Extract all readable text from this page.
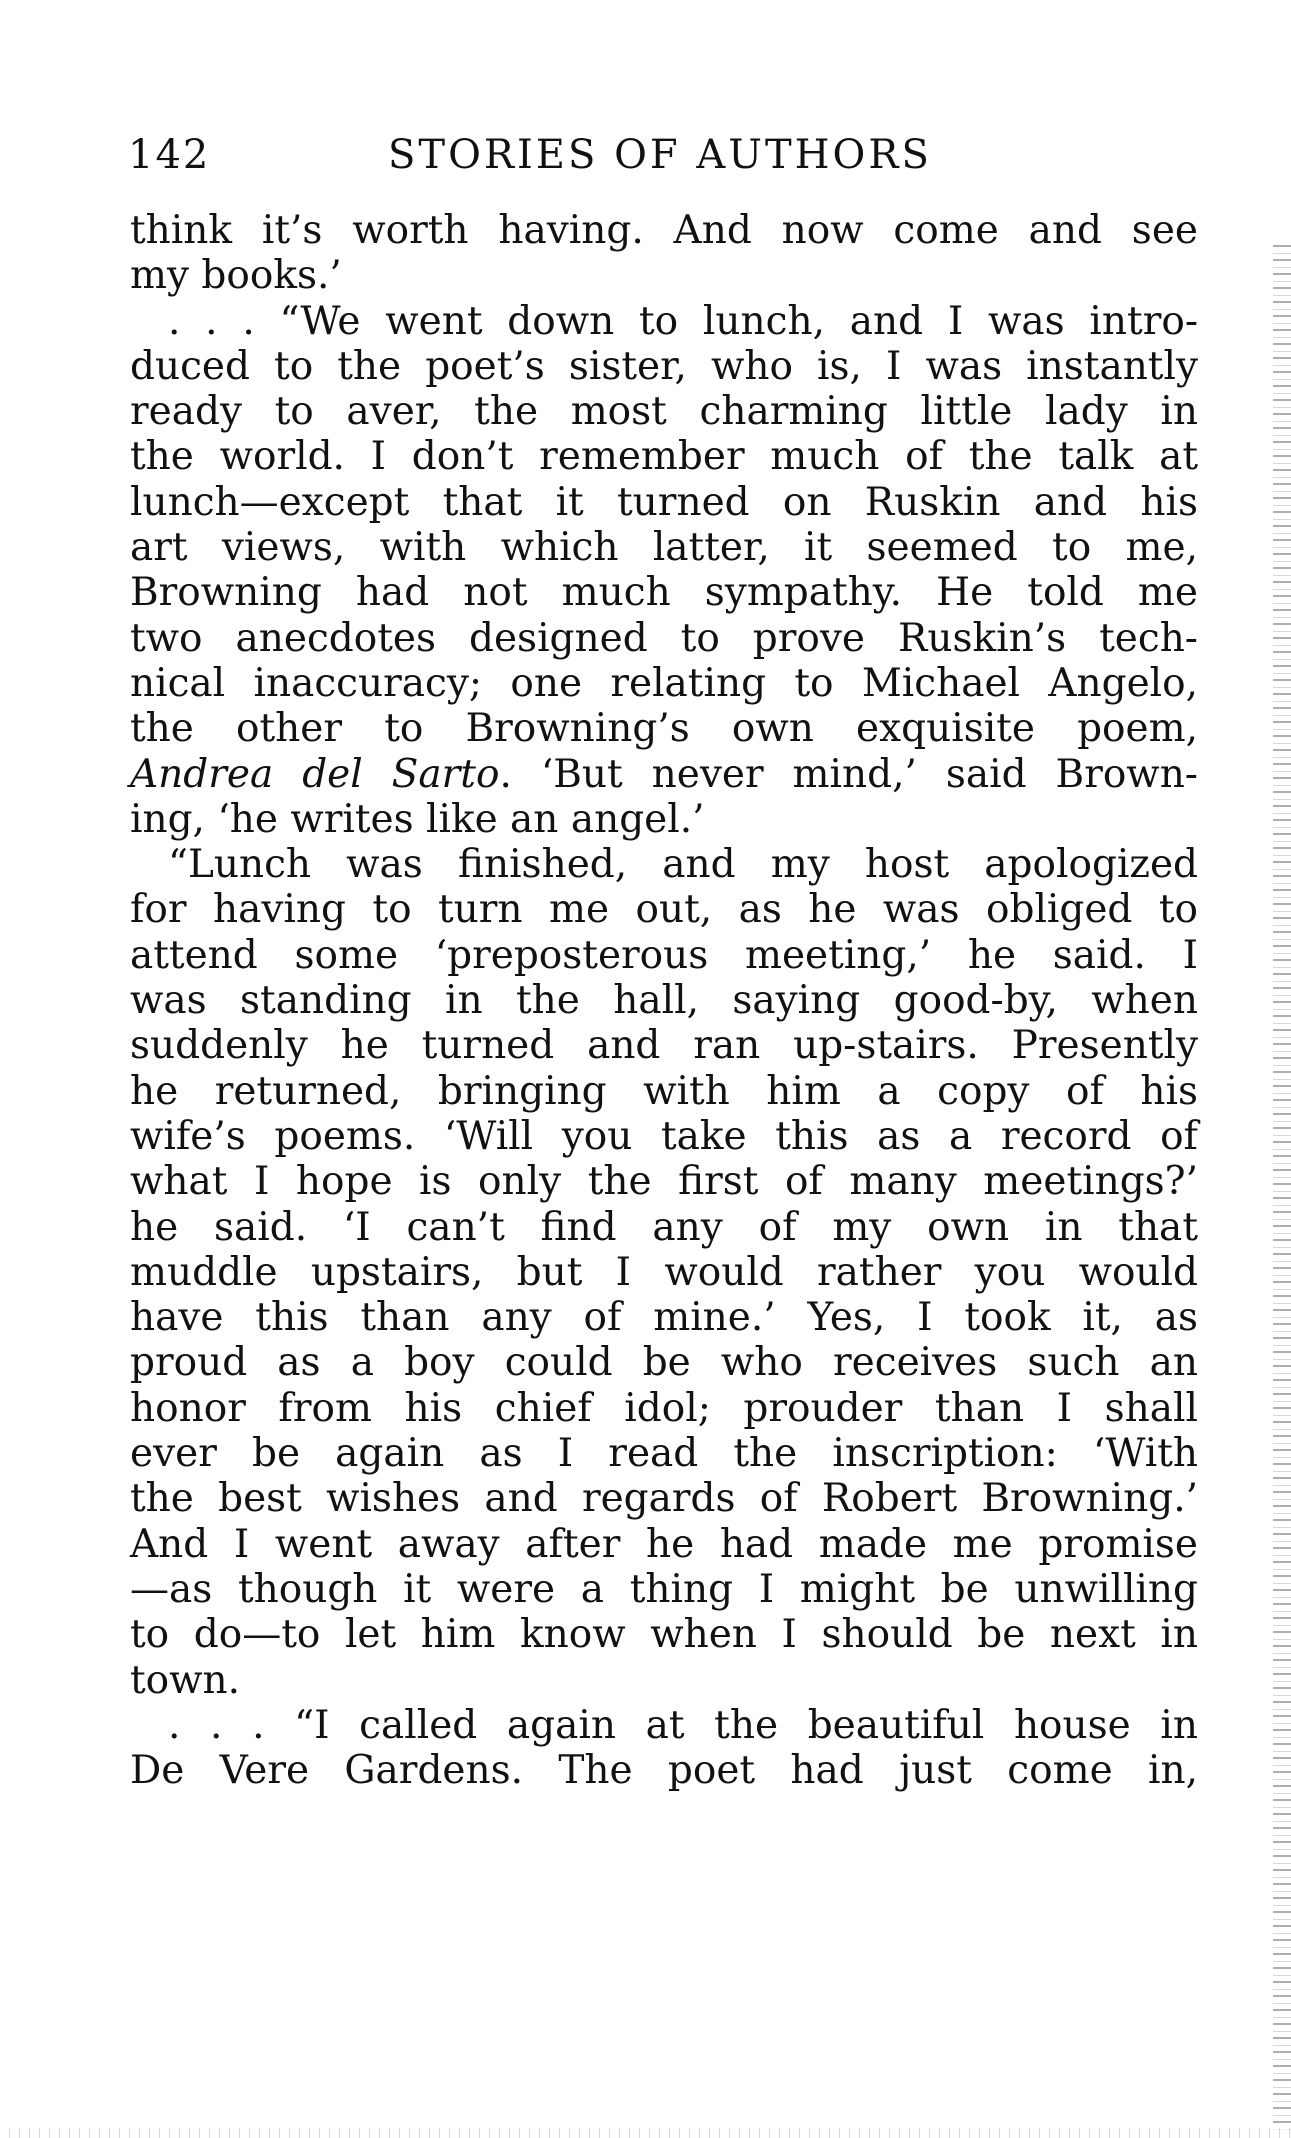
142	STORIES OF AUTHORS
think it’s worth having. And now come and see
my books.’
. . . “We went down to lunch, and I was intro-
duced to the poet’s sister, who is, I was instantly
ready to aver, the most charming little lady in
the world. I don’t remember much of the talk at
lunch—except that it turned on Ruskin and his
art views, with which latter, it seemed to me,
Browning had not much sympathy. He told me
two anecdotes designed to prove Ruskin’s tech-
nical inaccuracy; one relating to Michael Angelo,
the other to Browning’s own exquisite poem,
Andrea del Sarto. ‘But never mind,’ said Brown-
ing, ‘he writes like an angel.’
“Lunch was finished, and my host apologized
for having to turn me out, as he was obliged to
attend some ‘preposterous meeting,’ he said. I
was standing in the hall, saying good-by, when
suddenly he turned and ran up-stairs. Presently
he returned, bringing with him a copy of his
wife’s poems. ‘Will you take this as a record of
what I hope is only the first of many meetings?’
he said. ‘I can’t find any of my own in that
muddle upstairs, but I would rather you would
have this than any of mine.’ Yes, I took it, as
proud as a boy could be who receives such an
honor from his chief idol; prouder than I shall
ever be again as I read the inscription: ‘With
the best wishes and regards of Robert Browning.’
And I went away after he had made me promise
—as though it were a thing I might be unwilling
to do—to let him know when I should be next in
town.
. . . “I called again at the beautiful house in
De Vere Gardens. The poet had just come in,
